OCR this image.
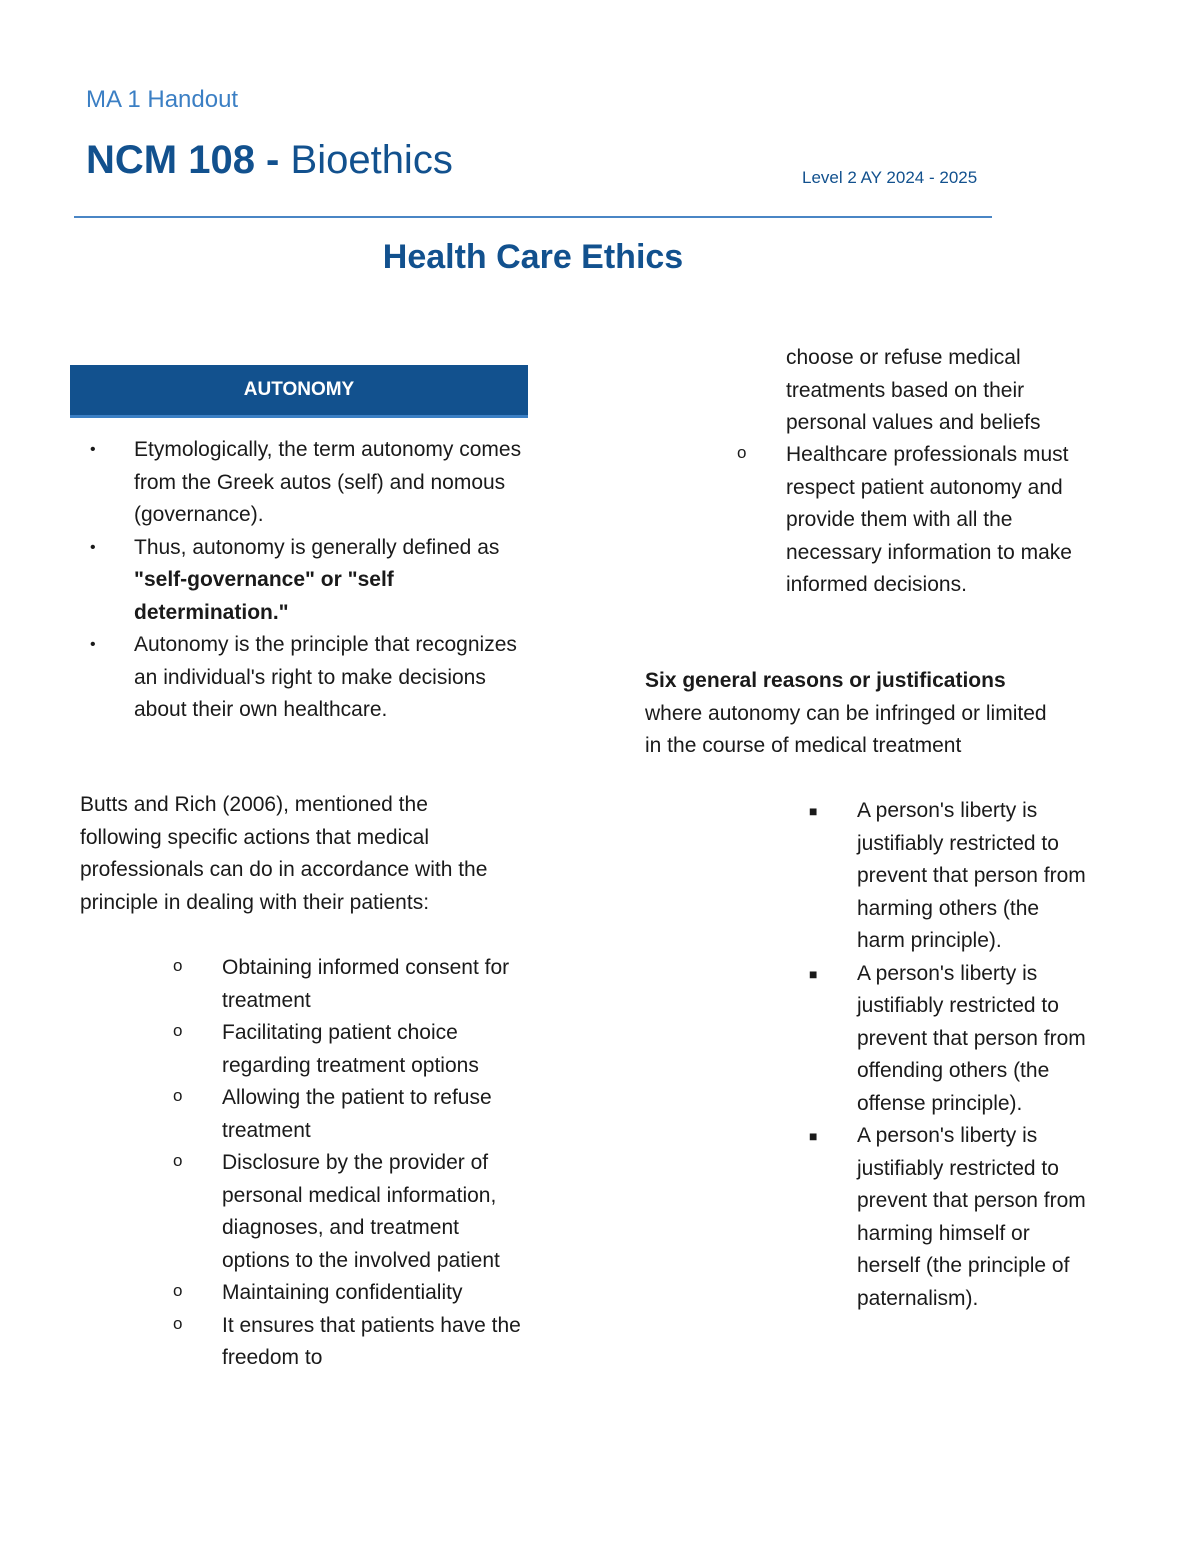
MA 1 Handout
NCM 108 - Bioethics	Level 2 AY 2024 - 2025
Health Care Ethics
AUTONOMY
• Etymologically, the term autonomy comes from the Greek autos (self) and nomous (governance).
• Thus, autonomy is generally defined as "self-governance" or "self determination."
• Autonomy is the principle that recognizes an individual's right to make decisions about their own healthcare.

Butts and Rich (2006), mentioned the following specific actions that medical professionals can do in accordance with the principle in dealing with their patients:

o Obtaining informed consent for treatment
o Facilitating patient choice regarding treatment options
o Allowing the patient to refuse treatment
o Disclosure by the provider of personal medical information, diagnoses, and treatment options to the involved patient
o Maintaining confidentiality
o It ensures that patients have the freedom to

choose or refuse medical treatments based on their personal values and beliefs

o Healthcare professionals must respect patient autonomy and provide them with all the necessary information to make informed decisions.

Six general reasons or justifications where autonomy can be infringed or limited in the course of medical treatment

■ A person's liberty is justifiably restricted to prevent that person from harming others (the harm principle).
■ A person's liberty is justifiably restricted to prevent that person from offending others (the offense principle).
■ A person's liberty is justifiably restricted to prevent that person from harming himself or herself (the principle of paternalism).
